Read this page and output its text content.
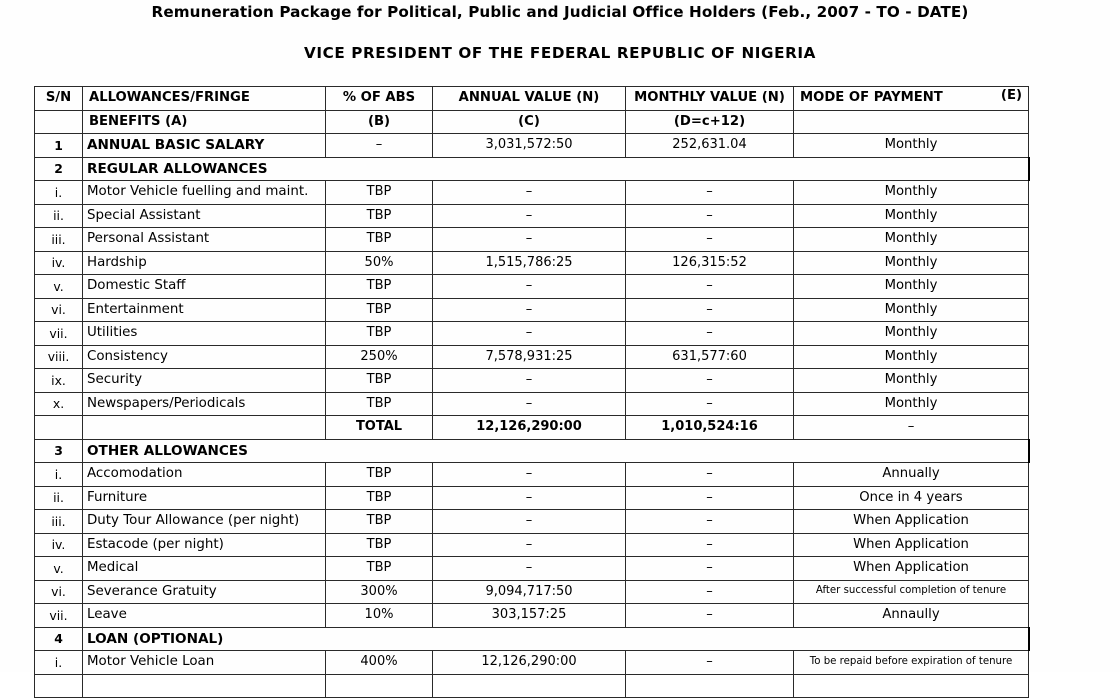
Remuneration Package for Political, Public and Judicial Office Holders (Feb., 2007 - TO - DATE)
VICE PRESIDENT OF THE FEDERAL REPUBLIC OF NIGERIA
S/N	ALLOWANCES/FRINGE	% OF ABS	ANNUAL VALUE (N)	MONTHLY VALUE (N)	MODE OF PAYMENT (E)

	BENEFITS (A)	(B)	(C)	(D=c+12)	
1	ANNUAL BASIC SALARY	–	3,031,572:50	252,631.04	Monthly
2	REGULAR ALLOWANCES				
i.	Motor Vehicle fuelling and maint.	TBP	–	–	Monthly
ii.	Special Assistant	TBP	–	–	Monthly
iii.	Personal Assistant	TBP	–	–	Monthly
iv.	Hardship	50%	1,515,786:25	126,315:52	Monthly
v.	Domestic Staff	TBP	–	–	Monthly
vi.	Entertainment	TBP	–	–	Monthly
vii.	Utilities	TBP	–	–	Monthly
viii.	Consistency	250%	7,578,931:25	631,577:60	Monthly
ix.	Security	TBP	–	–	Monthly
x.	Newspapers/Periodicals	TBP	–	–	Monthly
		TOTAL	12,126,290:00	1,010,524:16	–
3	OTHER ALLOWANCES				
i.	Accomodation	TBP	–	–	Annually
ii.	Furniture	TBP	–	–	Once in 4 years
iii.	Duty Tour Allowance (per night)	TBP	–	–	When Application
iv.	Estacode (per night)	TBP	–	–	When Application
v.	Medical	TBP	–	–	When Application
vi.	Severance Gratuity	300%	9,094,717:50	–	After successful completion of tenure
vii.	Leave	10%	303,157:25	–	Annaully
4	LOAN (OPTIONAL)				
i.	Motor Vehicle Loan	400%	12,126,290:00	–	To be repaid before expiration of tenure
